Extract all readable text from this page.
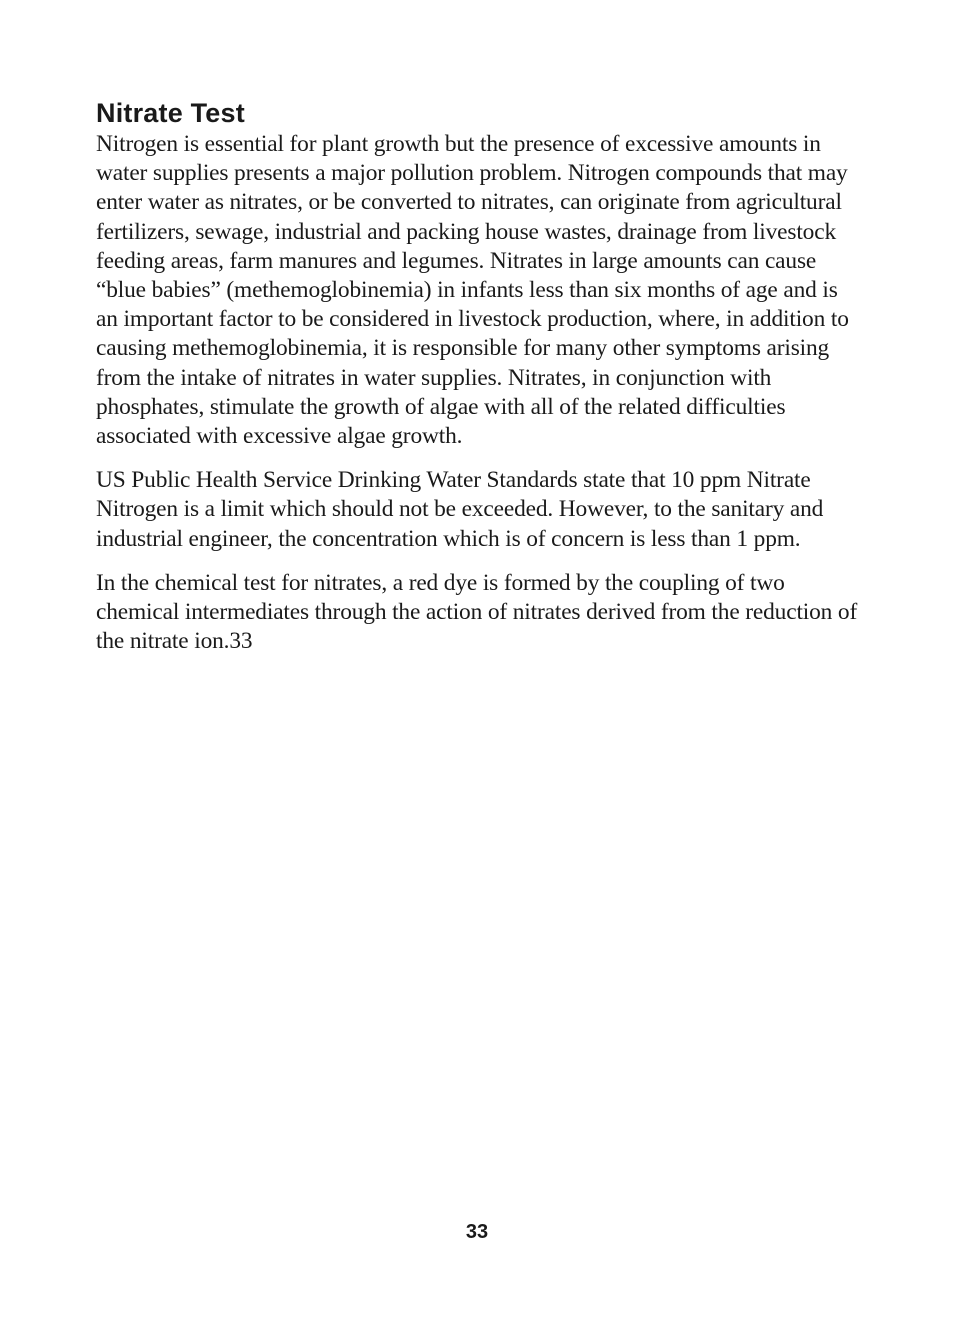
Nitrate Test

Nitrogen is essential for plant growth but the presence of excessive amounts in water supplies presents a major pollution problem. Nitrogen compounds that may enter water as nitrates, or be converted to nitrates, can originate from agricultural fertilizers, sewage, industrial and packing house wastes, drainage from livestock feeding areas, farm manures and legumes. Nitrates in large amounts can cause “blue babies” (methemoglobinemia) in infants less than six months of age and is an important factor to be considered in livestock production, where, in addition to causing methemoglobinemia, it is responsible for many other symptoms arising from the intake of nitrates in water supplies. Nitrates, in conjunction with phosphates, stimulate the growth of algae with all of the related difficulties associated with excessive algae growth.

US Public Health Service Drinking Water Standards state that 10 ppm Nitrate Nitrogen is a limit which should not be exceeded. However, to the sanitary and industrial engineer, the concentration which is of concern is less than 1 ppm.

In the chemical test for nitrates, a red dye is formed by the coupling of two chemical intermediates through the action of nitrates derived from the reduction of the nitrate ion.33

33
